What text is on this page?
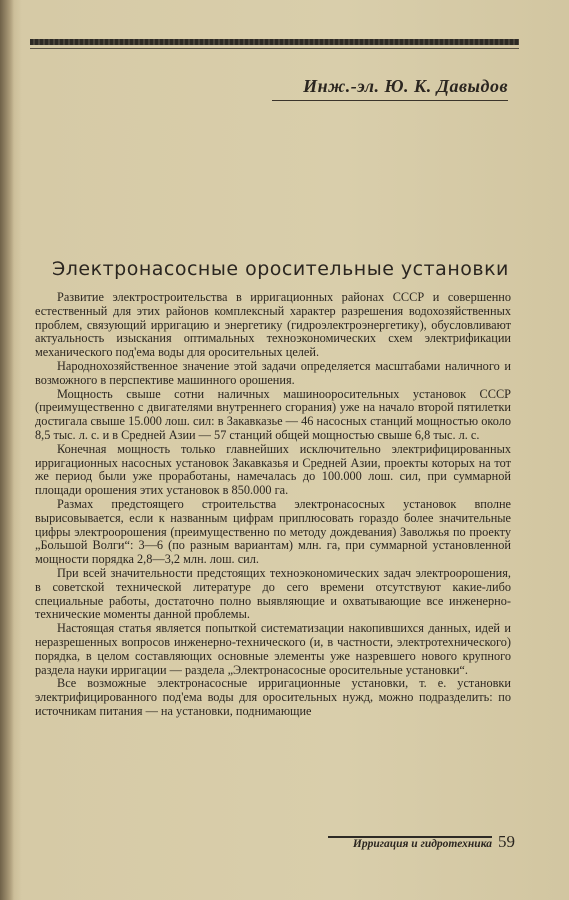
Инж.-эл. Ю. К. Давыдов
Электронасосные оросительные установки

Развитие электростроительства в ирригационных районах СССР и совершенно естественный для этих районов комплексный характер разрешения водохозяйственных проблем, связующий ирригацию и энергетику (гидроэлектроэнергетику), обусловливают актуальность изыскания оптимальных техноэкономических схем электрификации механического под'ема воды для оросительных целей.

Народнохозяйственное значение этой задачи определяется масштабами наличного и возможного в перспективе машинного орошения.

Мощность свыше сотни наличных машинооросительных установок СССР (преимущественно с двигателями внутреннего сгорания) уже на начало второй пятилетки достигала свыше 15.000 лош. сил: в Закавказье — 46 насосных станций мощностью около 8,5 тыс. л. с. и в Средней Азии — 57 станций общей мощностью свыше 6,8 тыс. л. с.

Конечная мощность только главнейших исключительно электрифицированных ирригационных насосных установок Закавказья и Средней Азии, проекты которых на тот же период были уже проработаны, намечалась до 100.000 лош. сил, при суммарной площади орошения этих установок в 850.000 га.

Размах предстоящего строительства электронасосных установок вполне вырисовывается, если к названным цифрам приплюсовать гораздо более значительные цифры электроорошения (преимущественно по методу дождевания) Заволжья по проекту „Большой Волги“: 3—6 (по разным вариантам) млн. га, при суммарной установленной мощности порядка 2,8—3,2 млн. лош. сил.

При всей значительности предстоящих техноэкономических задач электроорошения, в советской технической литературе до сего времени отсутствуют какие-либо специальные работы, достаточно полно выявляющие и охватывающие все инженерно-технические моменты данной проблемы.

Настоящая статья является попыткой систематизации накопившихся данных, идей и неразрешенных вопросов инженерно-технического (и, в частности, электротехнического) порядка, в целом составляющих основные элементы уже назревшего нового крупного раздела науки ирригации — раздела „Электронасосные оросительные установки“.

Все возможные электронасосные ирригационные установки, т. е. установки электрифицированного под'ема воды для оросительных нужд, можно подразделить: по источникам питания — на установки, поднимающие

Ирригация и гидротехника 59
